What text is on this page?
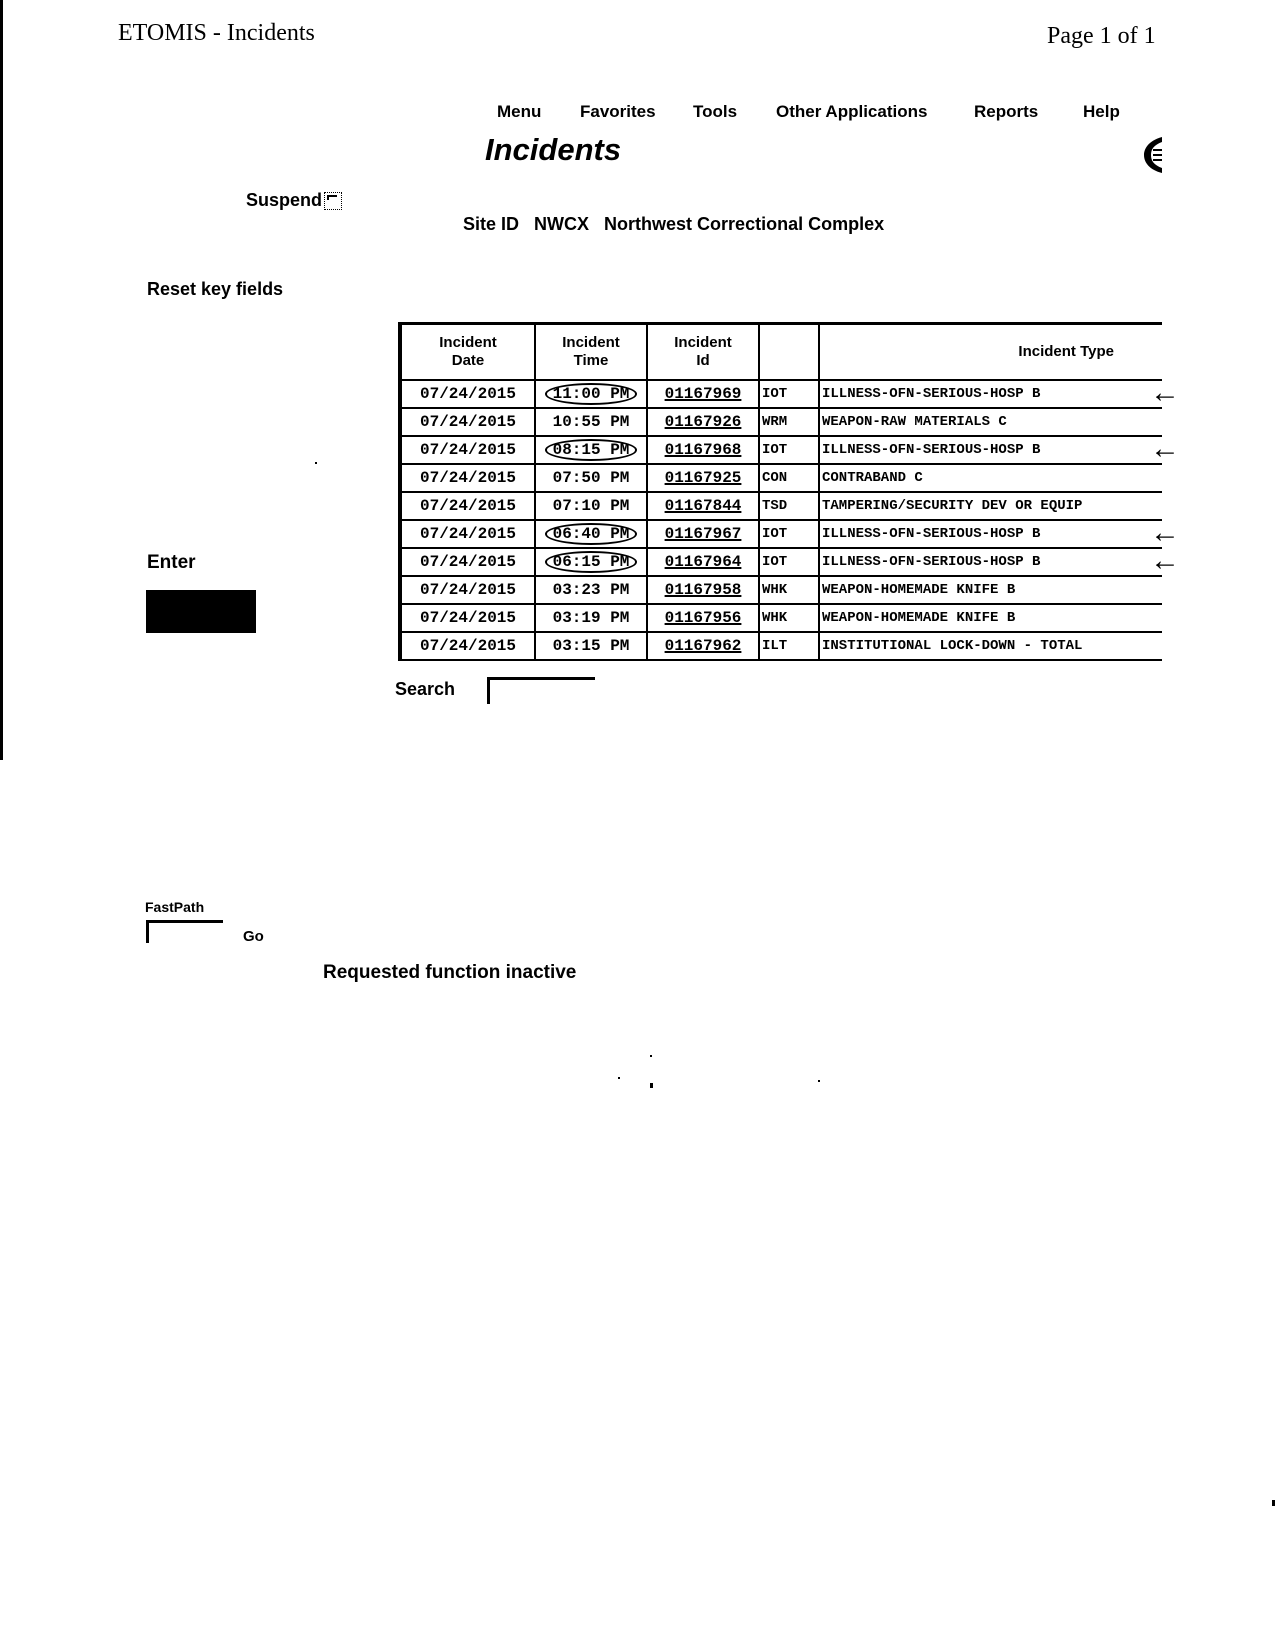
ETOMIS - Incidents	Page 1 of 1
Menu Favorites Tools Other Applications	Reports	Help
Incidents
Suspend
Site ID NWCX Northwest Correctional Complex
Reset key fields
Incident Date	Incident Time	Incident Id		Incident Type
07/24/2015	11:00 PM	01167969	IOT	ILLNESS-OFN-SERIOUS-HOSP B
07/24/2015	10:55 PM	01167926	WRM	WEAPON-RAW MATERIALS C
07/24/2015	08:15 PM	01167968	IOT	ILLNESS-OFN-SERIOUS-HOSP B
07/24/2015	07:50 PM	01167925	CON	CONTRABAND C
07/24/2015	07:10 PM	01167844	TSD	TAMPERING/SECURITY DEV OR EQUIP
07/24/2015	06:40 PM	01167967	IOT	ILLNESS-OFN-SERIOUS-HOSP B
07/24/2015	06:15 PM	01167964	IOT	ILLNESS-OFN-SERIOUS-HOSP B
07/24/2015	03:23 PM	01167958	WHK	WEAPON-HOMEMADE KNIFE B
07/24/2015	03:19 PM	01167956	WHK	WEAPON-HOMEMADE KNIFE B
07/24/2015	03:15 PM	01167962	ILT	INSTITUTIONAL LOCK-DOWN - TOTAL
←
←
←
←
Enter
Search
FastPath
Go
Requested function inactive
